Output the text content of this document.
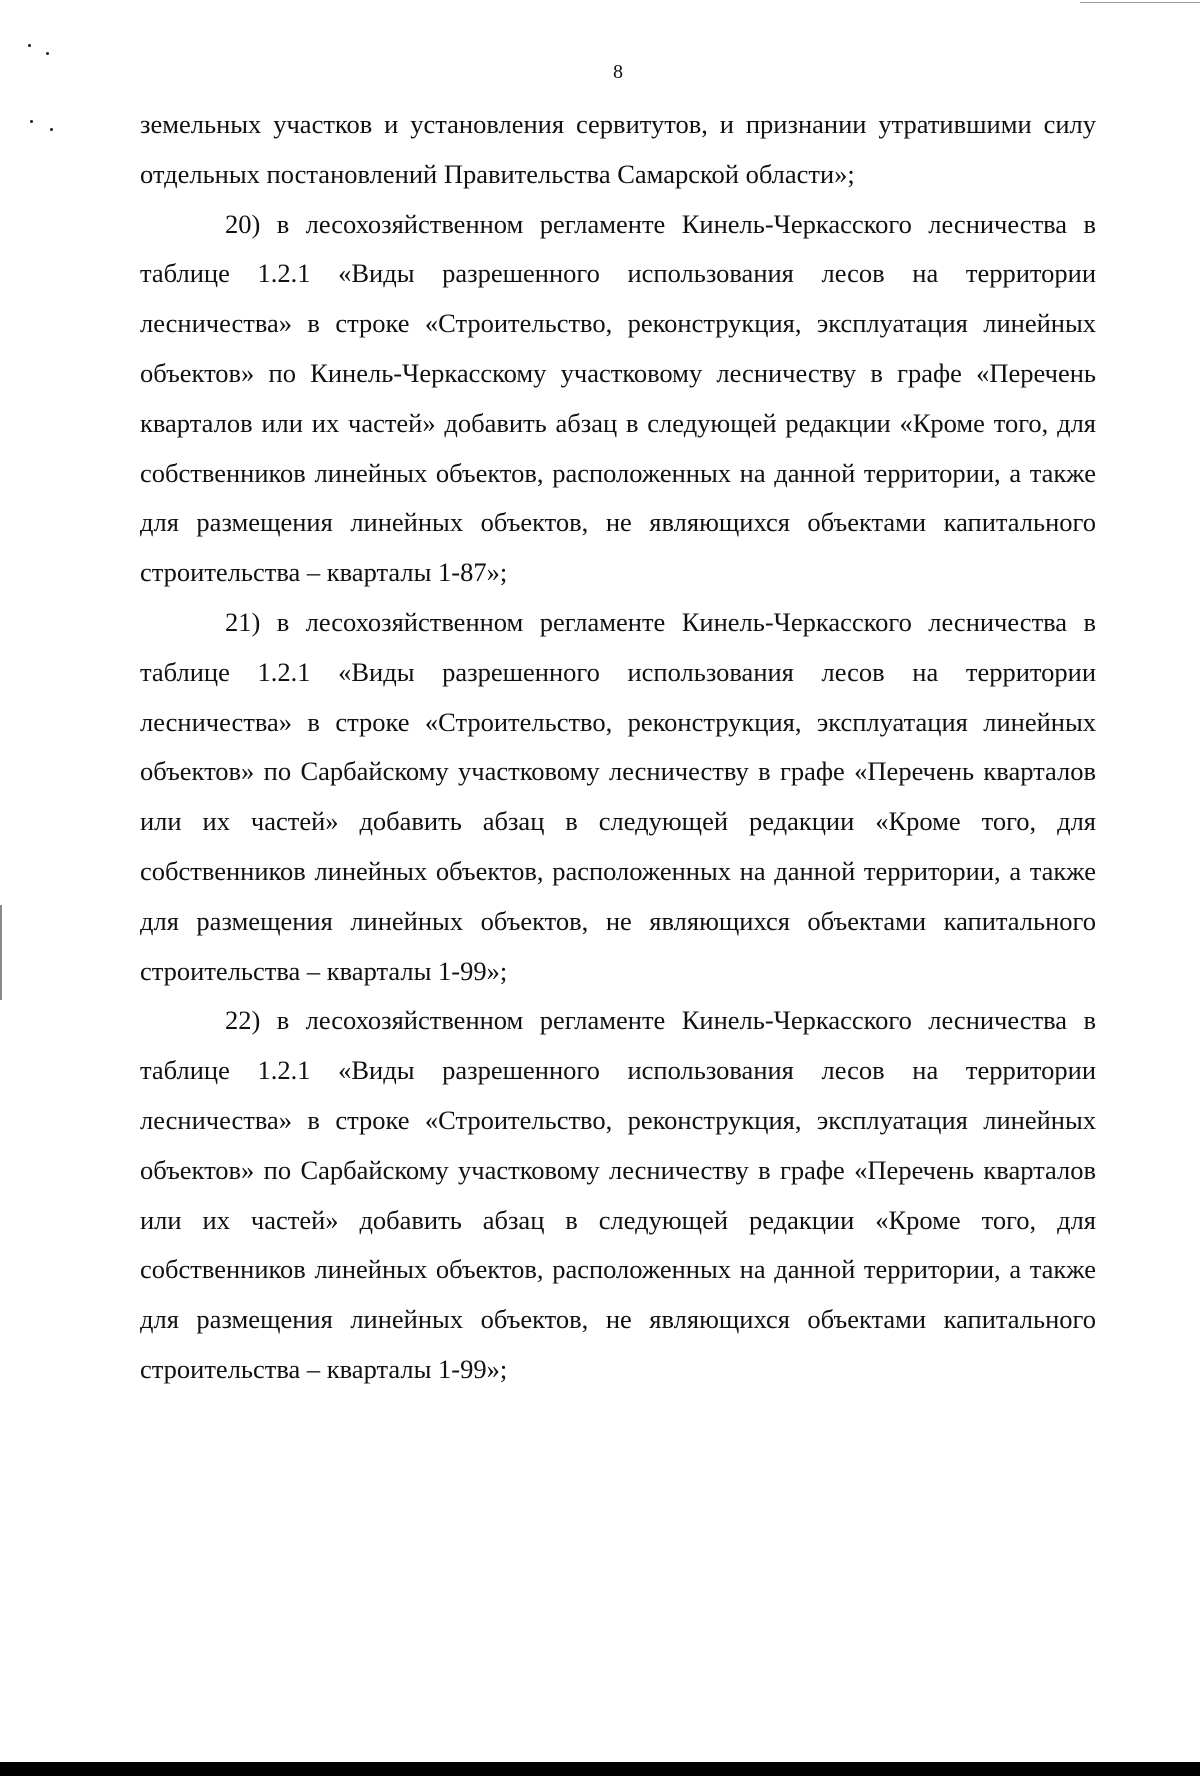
8

земельных участков и установления сервитутов, и признании утратившими силу отдельных постановлений Правительства Самарской области»;

20) в лесохозяйственном регламенте Кинель-Черкасского лесничества в таблице 1.2.1 «Виды разрешенного использования лесов на территории лесничества» в строке «Строительство, реконструкция, эксплуатация линейных объектов» по Кинель-Черкасскому участковому лесничеству в графе «Перечень кварталов или их частей» добавить абзац в следующей редакции «Кроме того, для собственников линейных объектов, расположенных на данной территории, а также для размещения линейных объектов, не являющихся объектами капитального строительства – кварталы 1-87»;

21) в лесохозяйственном регламенте Кинель-Черкасского лесничества в таблице 1.2.1 «Виды разрешенного использования лесов на территории лесничества» в строке «Строительство, реконструкция, эксплуатация линейных объектов» по Сарбайскому участковому лесничеству в графе «Перечень кварталов или их частей» добавить абзац в следующей редакции «Кроме того, для собственников линейных объектов, расположенных на данной территории, а также для размещения линейных объектов, не являющихся объектами капитального строительства – кварталы 1-99»;

22) в лесохозяйственном регламенте Кинель-Черкасского лесничества в таблице 1.2.1 «Виды разрешенного использования лесов на территории лесничества» в строке «Строительство, реконструкция, эксплуатация линейных объектов» по Сарбайскому участковому лесничеству в графе «Перечень кварталов или их частей» добавить абзац в следующей редакции «Кроме того, для собственников линейных объектов, расположенных на данной территории, а также для размещения линейных объектов, не являющихся объектами капитального строительства – кварталы 1-99»;
